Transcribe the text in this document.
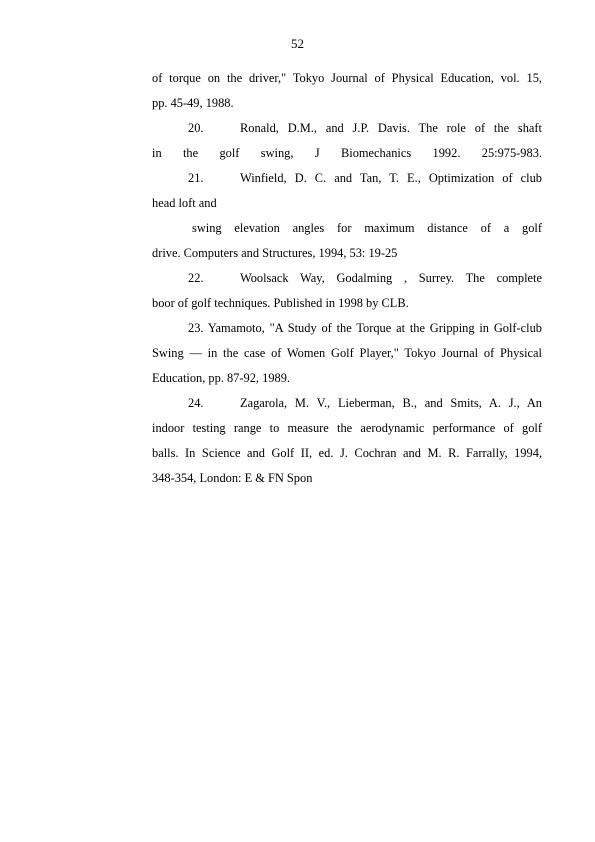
52
of torque on the driver," Tokyo Journal of Physical Education, vol. 15,
pp. 45-49, 1988.
20.	Ronald, D.M., and J.P. Davis. The role of the shaft
in the golf swing, J Biomechanics 1992. 25:975-983.
21.	Winfield, D. C. and Tan, T. E., Optimization of club
head loft and
swing elevation angles for maximum distance of a golf
drive. Computers and Structures, 1994, 53: 19-25
22.	Woolsack Way, Godalming , Surrey. The complete
boor of golf techniques. Published in 1998 by CLB.
23. Yamamoto, "A Study of the Torque at the Gripping in Golf-club
Swing — in the case of Women Golf Player," Tokyo Journal of Physical
Education, pp. 87-92, 1989.
24.	Zagarola, M. V., Lieberman, B., and Smits, A. J., An
indoor testing range to measure the aerodynamic performance of golf
balls. In Science and Golf II, ed. J. Cochran and M. R. Farrally, 1994,
348-354, London: E & FN Spon
